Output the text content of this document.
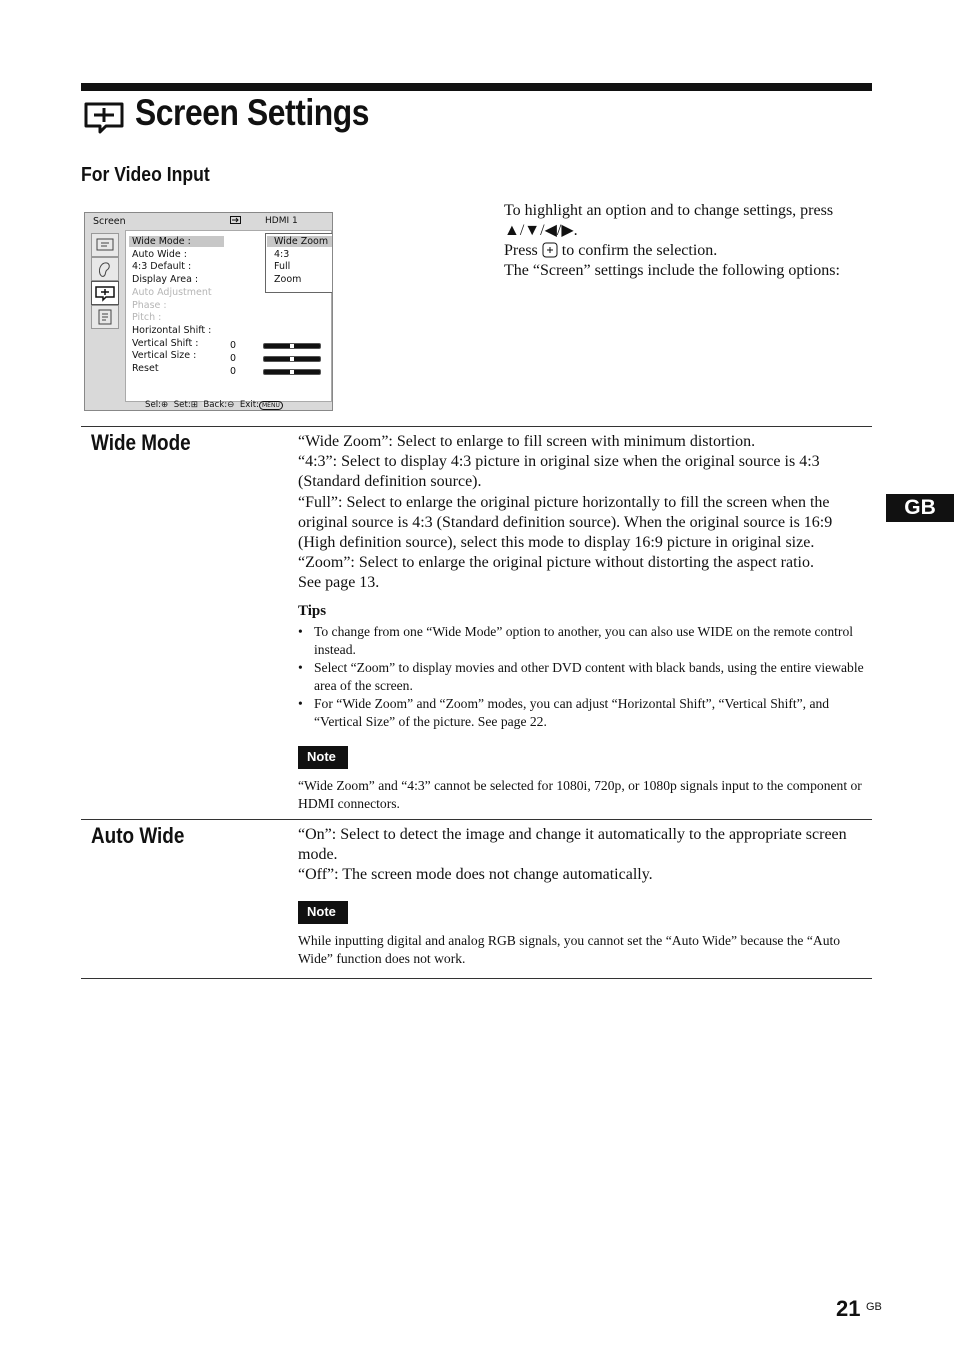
Screen Settings
For Video Input
Screen	HDMI 1
Wide Mode :
Auto Wide :
4:3 Default :
Display Area :
Auto Adjustment
Phase :
Pitch :
Horizontal Shift :
Vertical Shift :
Vertical Size :
Reset
0
0
0
Wide Zoom
4:3
Full
Zoom
Sel:⊕ Set:⊞ Back:⊖ Exit: MENU

To highlight an option and to change settings, press
▲/▼/◀/▶.

Press to confirm the selection.

The “Screen” settings include the following options:

Wide Mode	“Wide Zoom”: Select to enlarge to fill screen with minimum distortion.

“4:3”: Select to display 4:3 picture in original size when the original source is 4:3 (Standard definition source).

“Full”: Select to enlarge the original picture horizontally to fill the screen when the original source is 4:3 (Standard definition source). When the original source is 16:9 (High definition source), select this mode to display 16:9 picture in original size.

“Zoom”: Select to enlarge the original picture without distorting the aspect ratio.

See page 13.

Tips

• To change from one “Wide Mode” option to another, you can also use WIDE on the remote control instead.
• Select “Zoom” to display movies and other DVD content with black bands, using the entire viewable area of the screen.
• For “Wide Zoom” and “Zoom” modes, you can adjust “Horizontal Shift”, “Vertical Shift”, and “Vertical Size” of the picture. See page 22.
Note

“Wide Zoom” and “4:3” cannot be selected for 1080i, 720p, or 1080p signals input to the component or HDMI connectors.

Auto Wide	“On”: Select to detect the image and change it automatically to the appropriate screen mode.

“Off”: The screen mode does not change automatically.

Note

While inputting digital and analog RGB signals, you cannot set the “Auto Wide” because the “Auto Wide” function does not work.

GB
21 GB
